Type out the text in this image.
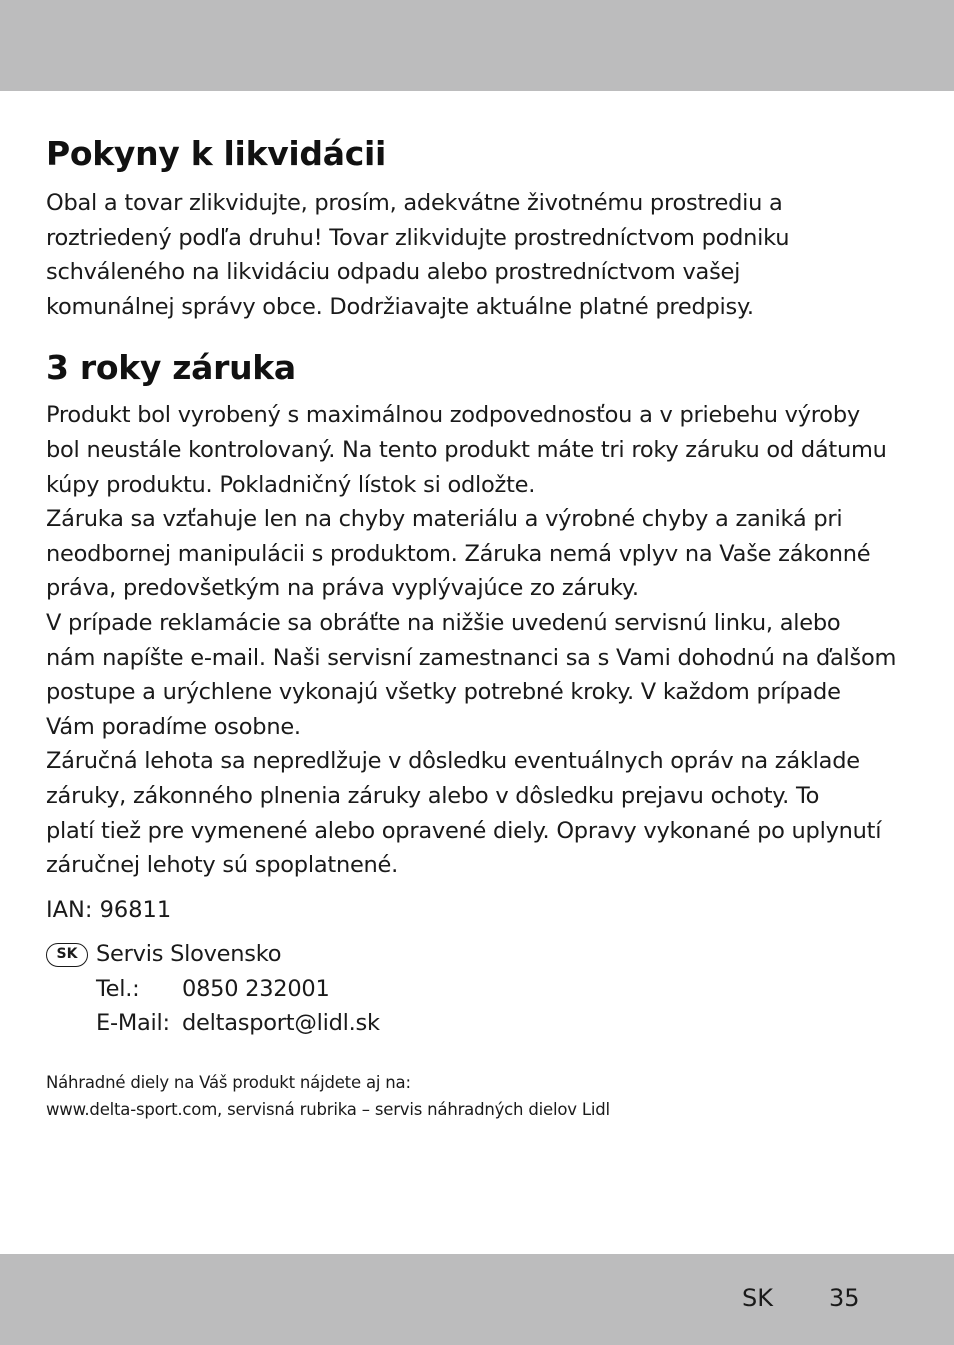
Pokyny k likvidácii

Obal a tovar zlikvidujte, prosím, adekvátne životnému prostrediu a
roztriedený podľa druhu! Tovar zlikvidujte prostredníctvom podniku
schváleného na likvidáciu odpadu alebo prostredníctvom vašej
komunálnej správy obce. Dodržiavajte aktuálne platné predpisy.

3 roky záruka

Produkt bol vyrobený s maximálnou zodpovednosťou a v priebehu výroby
bol neustále kontrolovaný. Na tento produkt máte tri roky záruku od dátumu
kúpy produktu. Pokladničný lístok si odložte.

Záruka sa vzťahuje len na chyby materiálu a výrobné chyby a zaniká pri
neodbornej manipulácii s produktom. Záruka nemá vplyv na Vaše zákonné
práva, predovšetkým na práva vyplývajúce zo záruky.

V prípade reklamácie sa obráťte na nižšie uvedenú servisnú linku, alebo
nám napíšte e-mail. Naši servisní zamestnanci sa s Vami dohodnú na ďalšom
postupe a urýchlene vykonajú všetky potrebné kroky. V každom prípade
Vám poradíme osobne.

Záručná lehota sa nepredlžuje v dôsledku eventuálnych opráv na základe
záruky, zákonného plnenia záruky alebo v dôsledku prejavu ochoty. To
platí tiež pre vymenené alebo opravené diely. Opravy vykonané po uplynutí
záručnej lehoty sú spoplatnené.

IAN: 96811
SK Servis Slovensko
Tel.:	0850 232001
E-Mail: deltasport@lidl.sk
Náhradné diely na Váš produkt nájdete aj na:
www.delta-sport.com, servisná rubrika – servis náhradných dielov Lidl
SK 35
